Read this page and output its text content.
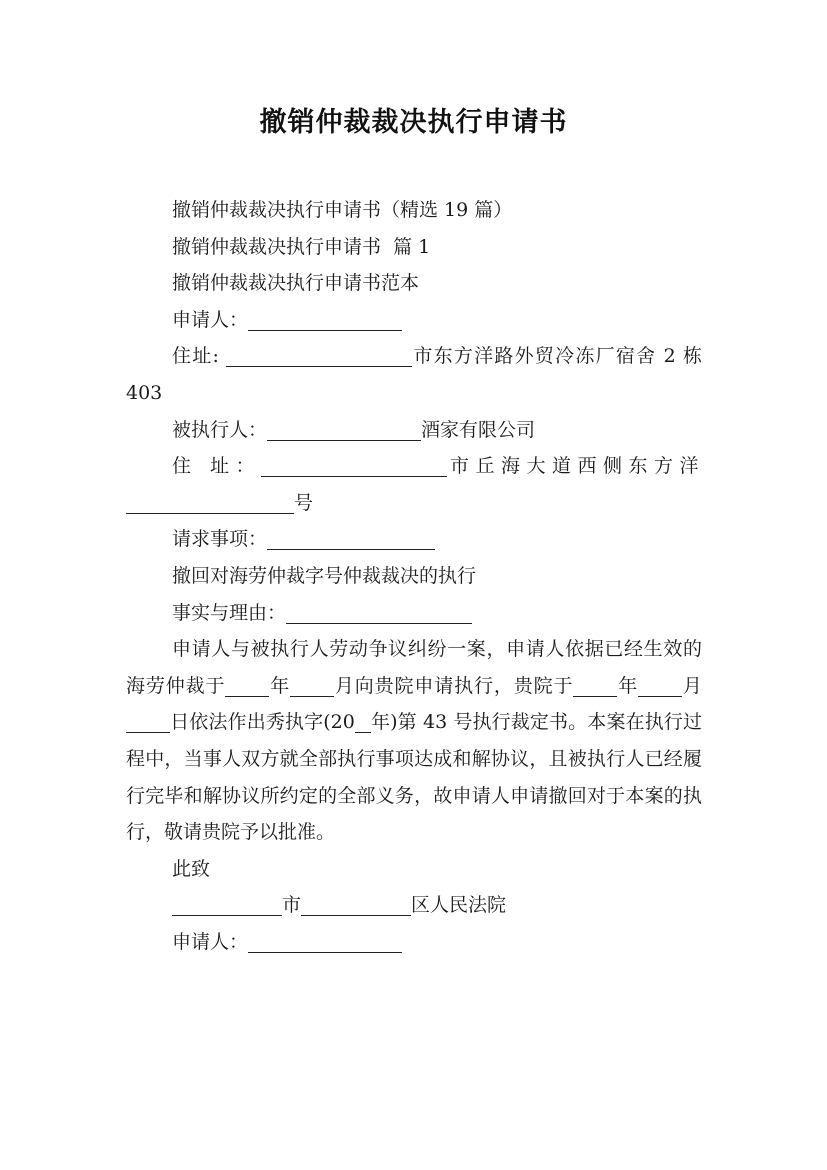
撤销仲裁裁决执行申请书

撤销仲裁裁决执行申请书（精选 19 篇）

撤销仲裁裁决执行申请书  篇 1

撤销仲裁裁决执行申请书范本

申请人：

住址:	市东方洋路外贸冷冻厂宿舍 2 栋 403

被执行人：	酒家有限公司

住 址：	市丘海大道西侧东方洋号

请求事项：

撤回对海劳仲裁字号仲裁裁决的执行

事实与理由：

申请人与被执行人劳动争议纠纷一案，申请人依据已经生效的海劳仲裁于 年 月向贵院申请执行，贵院于 年 月日依法作出秀执字(20 年)第 43 号执行裁定书。本案在执行过程中，当事人双方就全部执行事项达成和解协议，且被执行人已经履行完毕和解协议所约定的全部义务，故申请人申请撤回对于本案的执行，敬请贵院予以批准。

此致

市	区人民法院

申请人：
